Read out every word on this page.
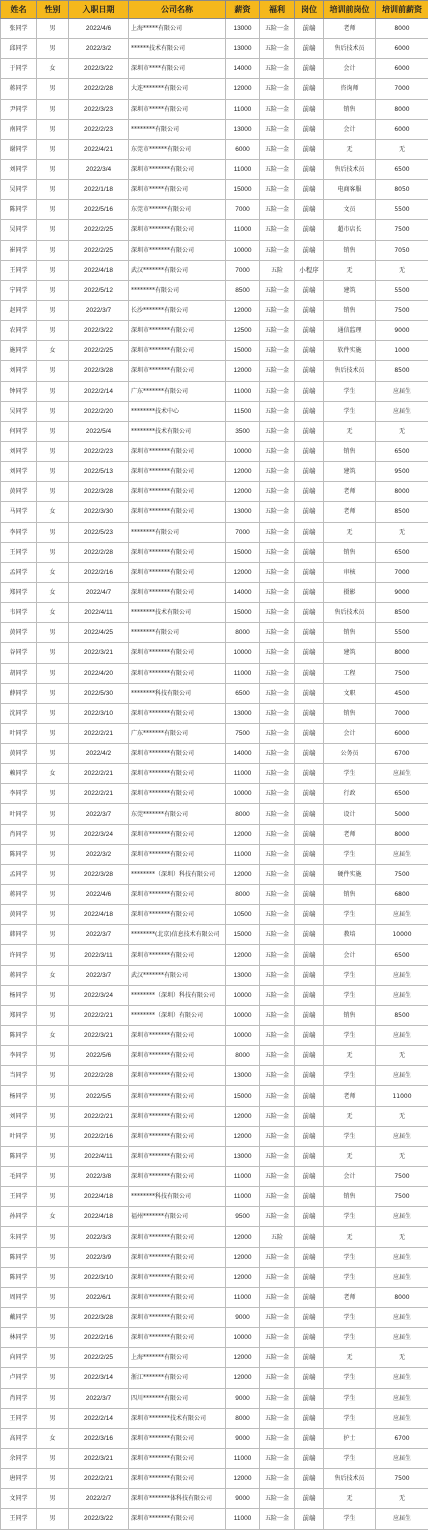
姓名	性别	入职日期	公司名称	薪资	福利	岗位	培训前岗位	培训前薪资
张同学	男	2022/4/6	上海*****有限公司	13000	五险一金	前端	老师	8000
邱同学	男	2022/3/2	******技术有限公司	13000	五险一金	前端	售后技术员	6000
于同学	女	2022/3/22	深圳市****有限公司	14000	五险一金	前端	会计	6000
蒋同学	男	2022/2/28	大连*******有限公司	12000	五险一金	前端	咨询师	7000
尹同学	男	2022/3/23	深圳市*****有限公司	11000	五险一金	前端	销售	8000
南同学	男	2022/2/23	********有限公司	13000	五险一金	前端	会计	6000
谢同学	男	2022/4/21	东莞市******有限公司	6000	五险一金	前端	无	无
刘同学	男	2022/3/4	深圳市*******有限公司	11000	五险一金	前端	售后技术员	6500
吴同学	男	2022/1/18	深圳市*****有限公司	15000	五险一金	前端	电商客服	8050
陈同学	男	2022/5/16	东莞市******有限公司	7000	五险一金	前端	文员	5500
吴同学	男	2022/2/25	深圳市*******有限公司	11000	五险一金	前端	超市店长	7500
崔同学	男	2022/2/25	深圳市*******有限公司	10000	五险一金	前端	销售	7050
王同学	男	2022/4/18	武汉*******有限公司	7000	五险	小程序	无	无
宁同学	男	2022/5/12	********有限公司	8500	五险一金	前端	建筑	5500
赵同学	男	2022/3/7	长沙*******有限公司	12000	五险一金	前端	销售	7500
农同学	男	2022/3/22	深圳市*******有限公司	12500	五险一金	前端	通信监理	9000
施同学	女	2022/2/25	深圳市*******有限公司	15000	五险一金	前端	软件实施	1000
刘同学	男	2022/3/28	深圳市*******有限公司	12000	五险一金	前端	售后技术员	8500
钟同学	男	2022/2/14	广东*******有限公司	11000	五险一金	前端	学生	应届生
吴同学	男	2022/2/20	********技术中心	11500	五险一金	前端	学生	应届生
何同学	男	2022/5/4	********技术有限公司	3500	五险一金	前端	无	无
刘同学	男	2022/2/23	深圳市*******有限公司	10000	五险一金	前端	销售	6500
刘同学	男	2022/5/13	深圳市*******有限公司	12000	五险一金	前端	建筑	9500
黄同学	男	2022/3/28	深圳市*******有限公司	12000	五险一金	前端	老师	8000
马同学	女	2022/3/30	深圳市*******有限公司	13000	五险一金	前端	老师	8500
李同学	男	2022/5/23	********有限公司	7000	五险一金	前端	无	无
王同学	男	2022/2/28	深圳市*******有限公司	15000	五险一金	前端	销售	6500
孟同学	女	2022/2/16	深圳市*******有限公司	12000	五险一金	前端	审核	7000
郑同学	女	2022/4/7	深圳市*******有限公司	14000	五险一金	前端	摄影	9000
韦同学	女	2022/4/11	********技术有限公司	15000	五险一金	前端	售后技术员	8500
黄同学	男	2022/4/25	********有限公司	8000	五险一金	前端	销售	5500
谷同学	男	2022/3/21	深圳市*******有限公司	10000	五险一金	前端	建筑	8000
胡同学	男	2022/4/20	深圳市*******有限公司	11000	五险一金	前端	工程	7500
薛同学	男	2022/5/30	********科技有限公司	6500	五险一金	前端	文职	4500
沈同学	男	2022/3/10	深圳市*******有限公司	13000	五险一金	前端	销售	7000
叶同学	男	2022/2/21	广东*******有限公司	7500	五险一金	前端	会计	6000
黄同学	男	2022/4/2	深圳市*******有限公司	14000	五险一金	前端	公务员	6700
赖同学	女	2022/2/21	深圳市*******有限公司	11000	五险一金	前端	学生	应届生
李同学	男	2022/2/21	深圳市*******有限公司	10000	五险一金	前端	行政	6500
叶同学	男	2022/3/7	东莞*******有限公司	8000	五险一金	前端	设计	5000
肖同学	男	2022/3/24	深圳市*******有限公司	12000	五险一金	前端	老师	8000
陈同学	男	2022/3/2	深圳市*******有限公司	11000	五险一金	前端	学生	应届生
孟同学	男	2022/3/28	********（深圳）科技有限公司	12000	五险一金	前端	硬件实施	7500
蒋同学	男	2022/4/6	深圳市*******有限公司	8000	五险一金	前端	销售	6800
黄同学	男	2022/4/18	深圳市*******有限公司	10500	五险一金	前端	学生	应届生
韩同学	男	2022/3/7	********(北京)信息技术有限公司	15000	五险一金	前端	教培	10000
许同学	男	2022/3/11	深圳市*******有限公司	12000	五险一金	前端	会计	6500
蒋同学	女	2022/3/7	武汉*******有限公司	13000	五险一金	前端	学生	应届生
杨同学	男	2022/3/24	********（深圳）科技有限公司	10000	五险一金	前端	学生	应届生
郑同学	男	2022/2/21	********（深圳）有限公司	10000	五险一金	前端	销售	8500
陈同学	女	2022/3/21	深圳市*******有限公司	10000	五险一金	前端	学生	应届生
李同学	男	2022/5/6	深圳市*******有限公司	8000	五险一金	前端	无	无
当同学	男	2022/2/28	深圳市*******有限公司	13000	五险一金	前端	学生	应届生
杨同学	男	2022/5/5	深圳市*******有限公司	15000	五险一金	前端	老师	11000
刘同学	男	2022/2/21	深圳市*******有限公司	12000	五险一金	前端	无	无
叶同学	男	2022/2/16	深圳市*******有限公司	12000	五险一金	前端	学生	应届生
陈同学	男	2022/4/11	深圳市*******有限公司	13000	五险一金	前端	无	无
毛同学	男	2022/3/8	深圳市*******有限公司	11000	五险一金	前端	会计	7500
王同学	男	2022/4/18	********科技有限公司	11000	五险一金	前端	销售	7500
孙同学	女	2022/4/18	福州*******有限公司	9500	五险一金	前端	学生	应届生
朱同学	男	2022/3/3	深圳市*******有限公司	12000	五险	前端	无	无
陈同学	男	2022/3/9	深圳市*******有限公司	12000	五险一金	前端	学生	应届生
陈同学	男	2022/3/10	深圳市*******有限公司	12000	五险一金	前端	学生	应届生
周同学	男	2022/6/1	深圳市*******有限公司	11000	五险一金	前端	老师	8000
戴同学	男	2022/3/28	深圳市*******有限公司	9000	五险一金	前端	学生	应届生
林同学	男	2022/2/16	深圳市*******有限公司	10000	五险一金	前端	学生	应届生
向同学	男	2022/2/25	上海*******有限公司	12000	五险一金	前端	无	无
卢同学	男	2022/3/14	浙江*******有限公司	12000	五险一金	前端	学生	应届生
肖同学	男	2022/3/7	四川*******有限公司	9000	五险一金	前端	学生	应届生
王同学	男	2022/2/14	深圳市*******技术有限公司	8000	五险一金	前端	学生	应届生
高同学	女	2022/3/16	深圳市*******有限公司	9000	五险一金	前端	护士	6700
余同学	男	2022/3/21	深圳市*******有限公司	11000	五险一金	前端	学生	应届生
唐同学	男	2022/2/21	深圳市*******有限公司	12000	五险一金	前端	售后技术员	7500
文同学	男	2022/2/7	深圳市*******体科技有限公司	9000	五险一金	前端	无	无
王同学	男	2022/3/22	深圳市*******有限公司	11000	五险一金	前端	学生	应届生
